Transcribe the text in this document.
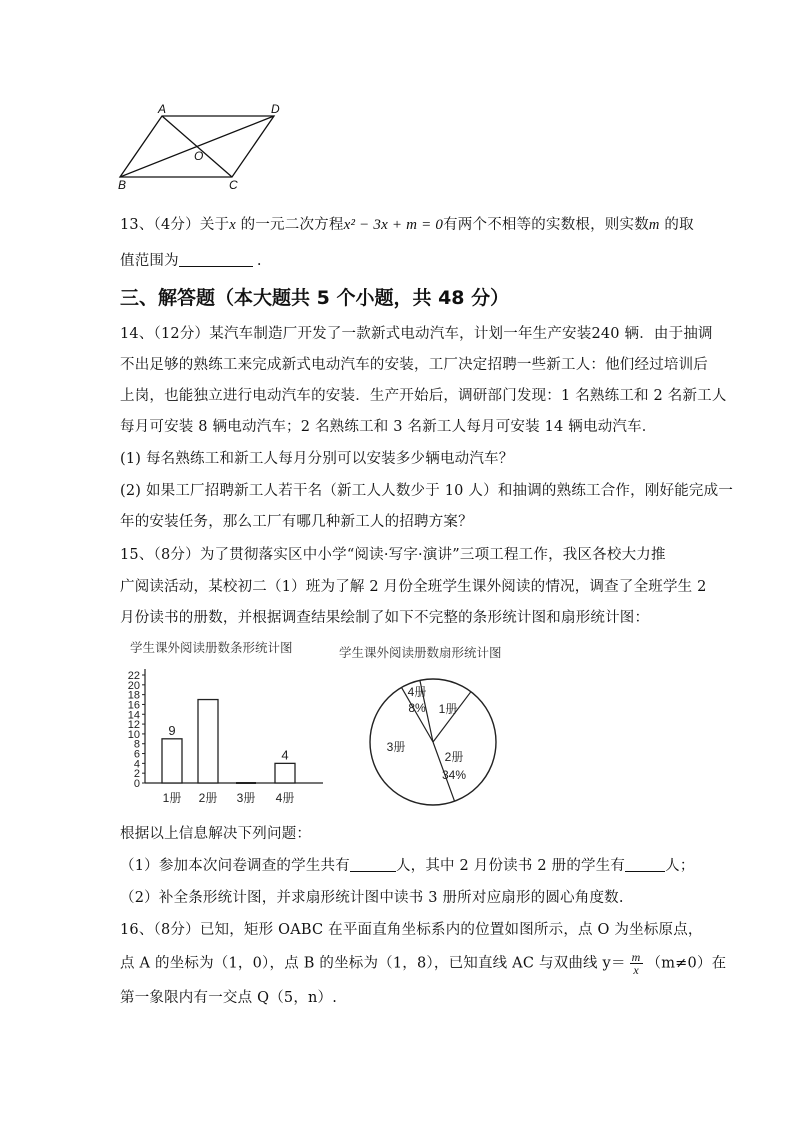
A	D
O
B	C
13、（4分）关于x 的一元二次方程x² − 3x + m = 0有两个不相等的实数根，则实数m 的取
值范围为	.
三、解答题（本大题共 5 个小题，共 48 分）
14、（12分）某汽车制造厂开发了一款新式电动汽车，计划一年生产安装240 辆．由于抽调
不出足够的熟练工来完成新式电动汽车的安装，工厂决定招聘一些新工人：他们经过培训后
上岗，也能独立进行电动汽车的安装．生产开始后，调研部门发现：1 名熟练工和 2 名新工人
每月可安装 8 辆电动汽车；2 名熟练工和 3 名新工人每月可安装 14 辆电动汽车．
(1) 每名熟练工和新工人每月分别可以安装多少辆电动汽车？
(2) 如果工厂招聘新工人若干名（新工人人数少于 10 人）和抽调的熟练工合作，刚好能完成一
年的安装任务，那么工厂有哪几种新工人的招聘方案？
15、（8分）为了贯彻落实区中小学“阅读·写字·演讲”三项工程工作，我区各校大力推
广阅读活动，某校初二（1）班为了解 2 月份全班学生课外阅读的情况，调查了全班学生 2
月份读书的册数，并根据调查结果绘制了如下不完整的条形统计图和扇形统计图：
学生课外阅读册数条形统计图
0
2
4
6
8
10
12
14
16
18
20
22
1册
9
2册 3册 4册
4
学生课外阅读册数扇形统计图
1册
2册
34%
3册
4册
8%
根据以上信息解决下列问题：
（1）参加本次问卷调查的学生共有	人，其中 2 月份读书 2 册的学生有	人；
（2）补全条形统计图，并求扇形统计图中读书 3 册所对应扇形的圆心角度数.
16、（8分）已知，矩形 OABC 在平面直角坐标系内的位置如图所示，点 O 为坐标原点，
点 A 的坐标为（1，0），点 B 的坐标为（1，8），已知直线 AC 与双曲线 $y= \frac{m}{x} (m\ne 0)$在
第一象限内有一交点 Q（5，n）.
